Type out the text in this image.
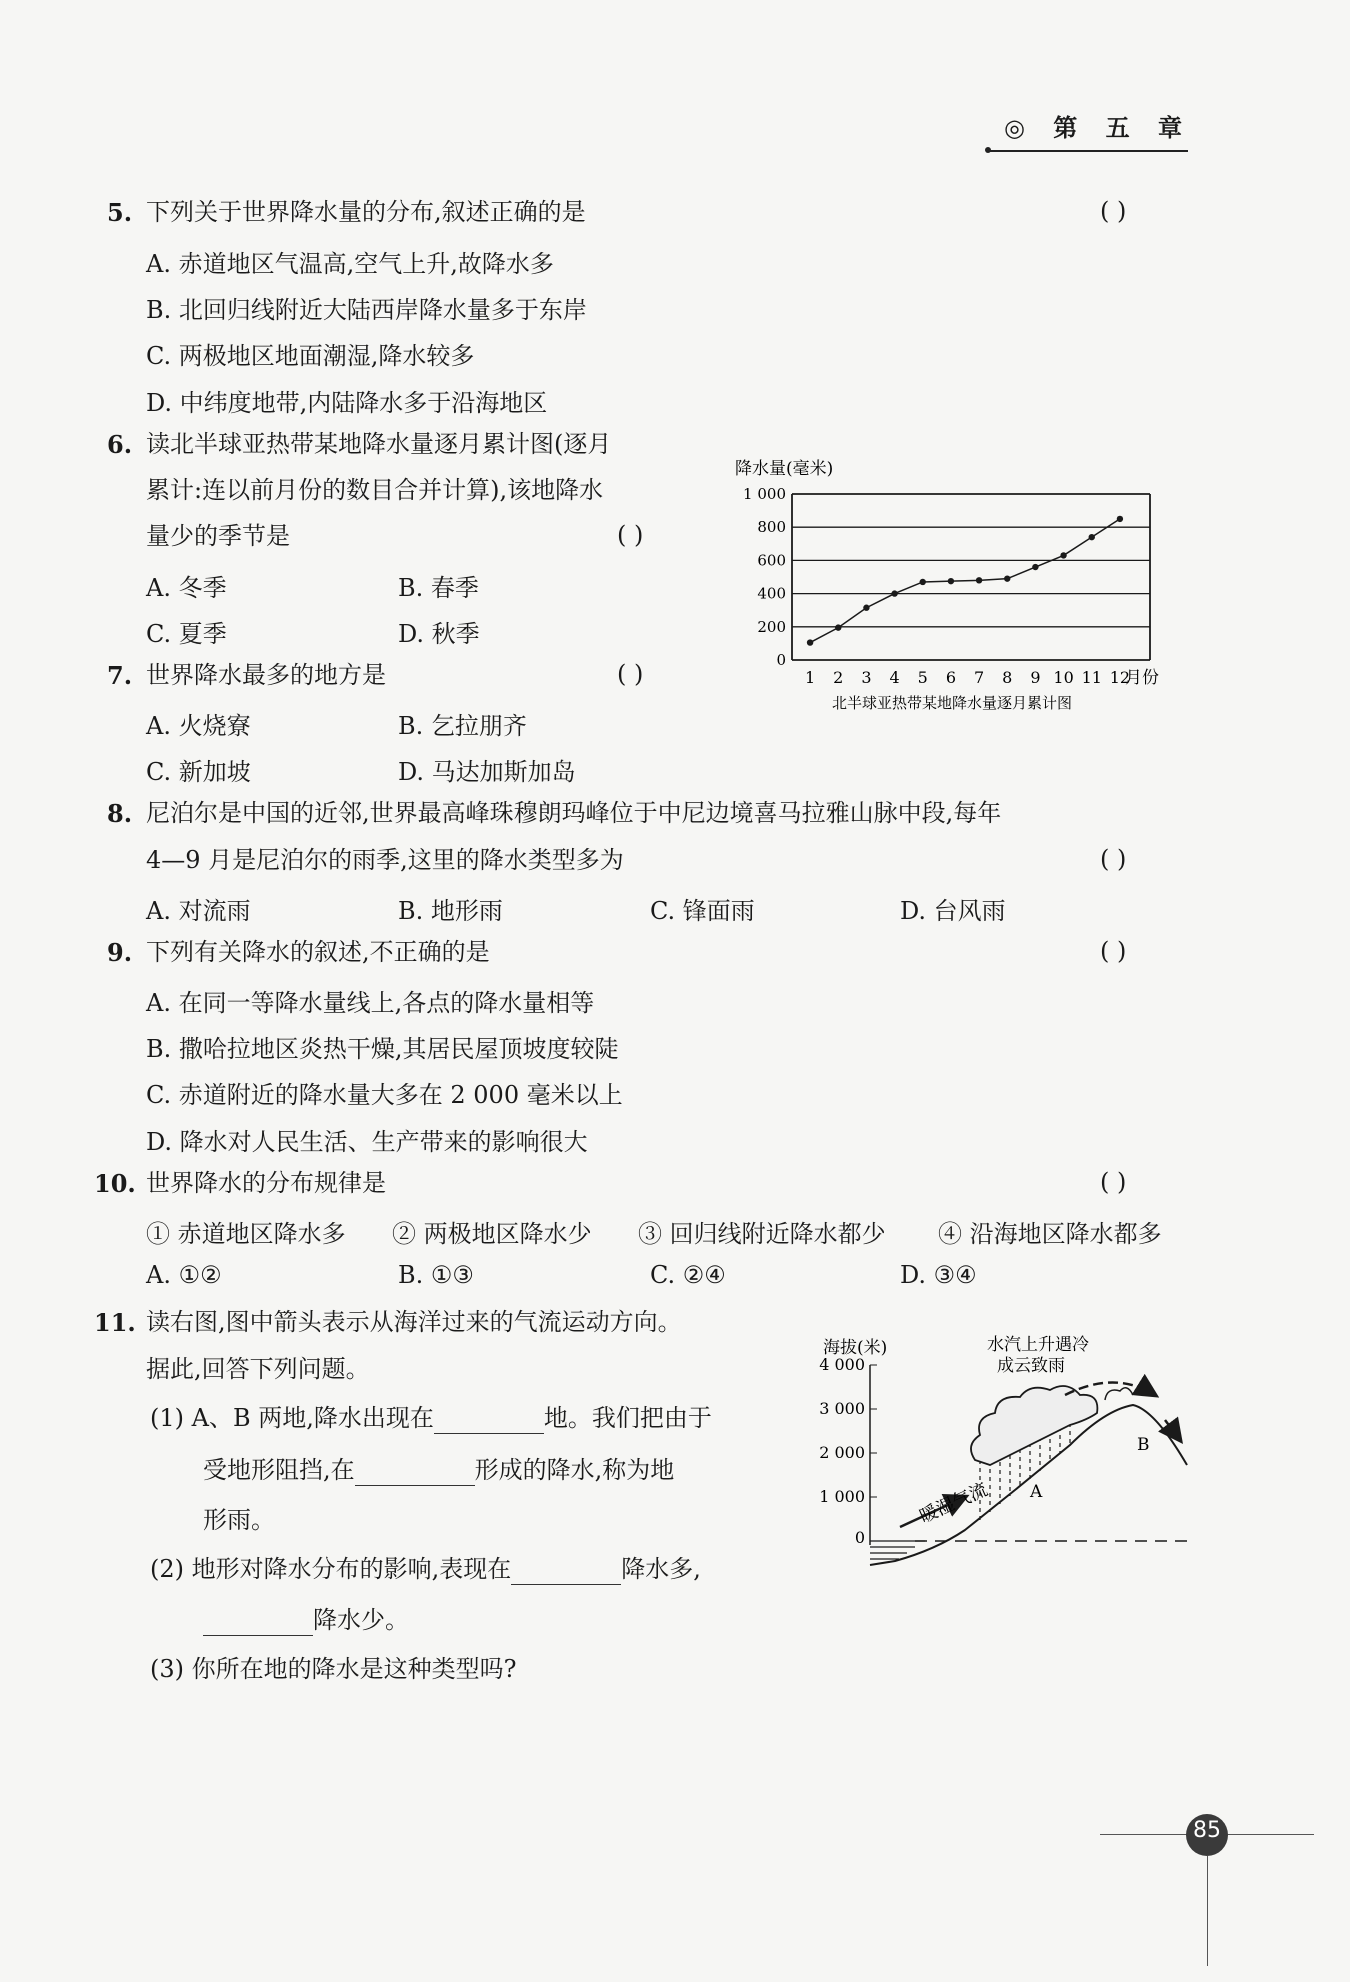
◎ 第 五 章
5. 下列关于世界降水量的分布,叙述正确的是	( )
A. 赤道地区气温高,空气上升,故降水多
B. 北回归线附近大陆西岸降水量多于东岸
C. 两极地区地面潮湿,降水较多
D. 中纬度地带,内陆降水多于沿海地区
6. 读北半球亚热带某地降水量逐月累计图(逐月
累计:连以前月份的数目合并计算),该地降水
量少的季节是	( )
A. 冬季	B. 春季
C. 夏季	D. 秋季
降水量(毫米)
1 000
800
600
400
200
0
1 2 3 4 5 6 7 8 9 10 11 12
月份
北半球亚热带某地降水量逐月累计图
7. 世界降水最多的地方是	( )
A. 火烧寮	B. 乞拉朋齐
C. 新加坡	D. 马达加斯加岛
8. 尼泊尔是中国的近邻,世界最高峰珠穆朗玛峰位于中尼边境喜马拉雅山脉中段,每年
4—9 月是尼泊尔的雨季,这里的降水类型多为	( )
A. 对流雨	B. 地形雨	C. 锋面雨	D. 台风雨
9. 下列有关降水的叙述,不正确的是	( )
A. 在同一等降水量线上,各点的降水量相等
B. 撒哈拉地区炎热干燥,其居民屋顶坡度较陡
C. 赤道附近的降水量大多在 2 000 毫米以上
D. 降水对人民生活、生产带来的影响很大
10. 世界降水的分布规律是	( )
① 赤道地区降水多 ② 两极地区降水少 ③ 回归线附近降水都少 ④ 沿海地区降水都多
A. ①②	B. ①③	C. ②④	D. ③④
11. 读右图,图中箭头表示从海洋过来的气流运动方向。
据此,回答下列问题。
(1) A、B 两地,降水出现在	地。我们把由于
受地形阻挡,在	形成的降水,称为地
形雨。
(2) 地形对降水分布的影响,表现在	降水多,
降水少。
(3) 你所在地的降水是这种类型吗?
海拔(米)
4 000
3 000
2 000
1 000
0
暖湿气流
水汽上升遇冷
成云致雨
A
B
85
